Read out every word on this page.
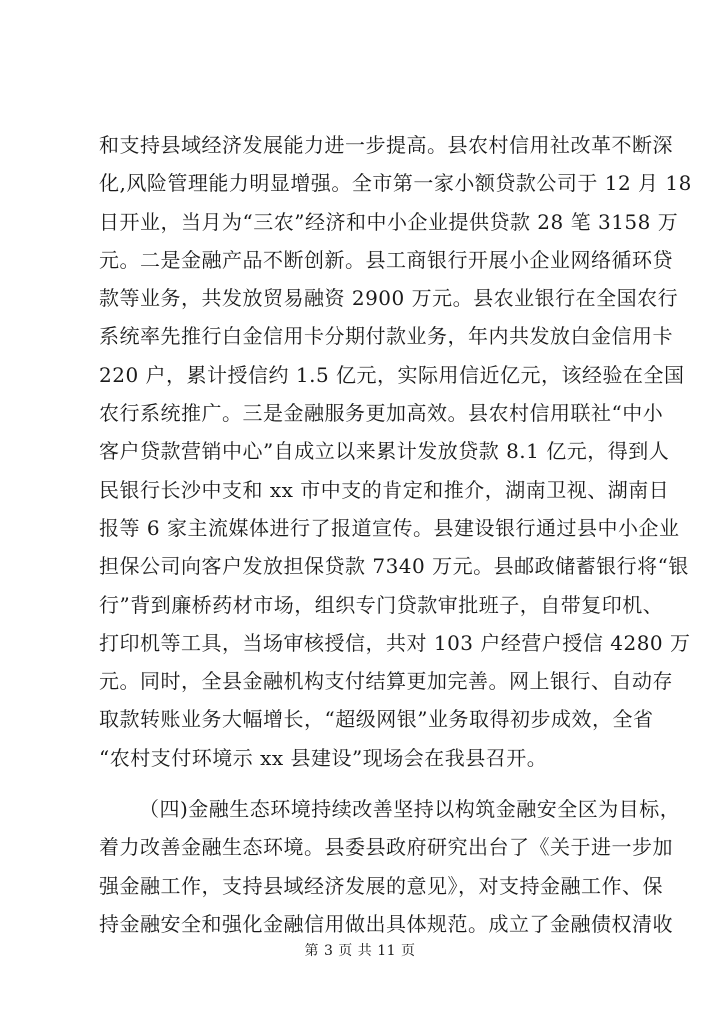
和支持县域经济发展能力进一步提高。县农村信用社改革不断深
化,风险管理能力明显增强。全市第一家小额贷款公司于 12 月 18
日开业，当月为“三农”经济和中小企业提供贷款 28 笔 3158 万
元。二是金融产品不断创新。县工商银行开展小企业网络循环贷
款等业务，共发放贸易融资 2900 万元。县农业银行在全国农行
系统率先推行白金信用卡分期付款业务，年内共发放白金信用卡
220 户，累计授信约 1.5 亿元，实际用信近亿元，该经验在全国
农行系统推广。三是金融服务更加高效。县农村信用联社“中小
客户贷款营销中心”自成立以来累计发放贷款 8.1 亿元，得到人
民银行长沙中支和 xx 市中支的肯定和推介，湖南卫视、湖南日
报等 6 家主流媒体进行了报道宣传。县建设银行通过县中小企业
担保公司向客户发放担保贷款 7340 万元。县邮政储蓄银行将“银
行”背到廉桥药材市场，组织专门贷款审批班子，自带复印机、
打印机等工具，当场审核授信，共对 103 户经营户授信 4280 万
元。同时，全县金融机构支付结算更加完善。网上银行、自动存
取款转账业务大幅增长，“超级网银”业务取得初步成效，全省
“农村支付环境示 xx 县建设”现场会在我县召开。
（四)金融生态环境持续改善坚持以构筑金融安全区为目标，
着力改善金融生态环境。县委县政府研究出台了《关于进一步加
强金融工作，支持县域经济发展的意见》，对支持金融工作、保
持金融安全和强化金融信用做出具体规范。成立了金融债权清收
第 3 页 共 11 页
